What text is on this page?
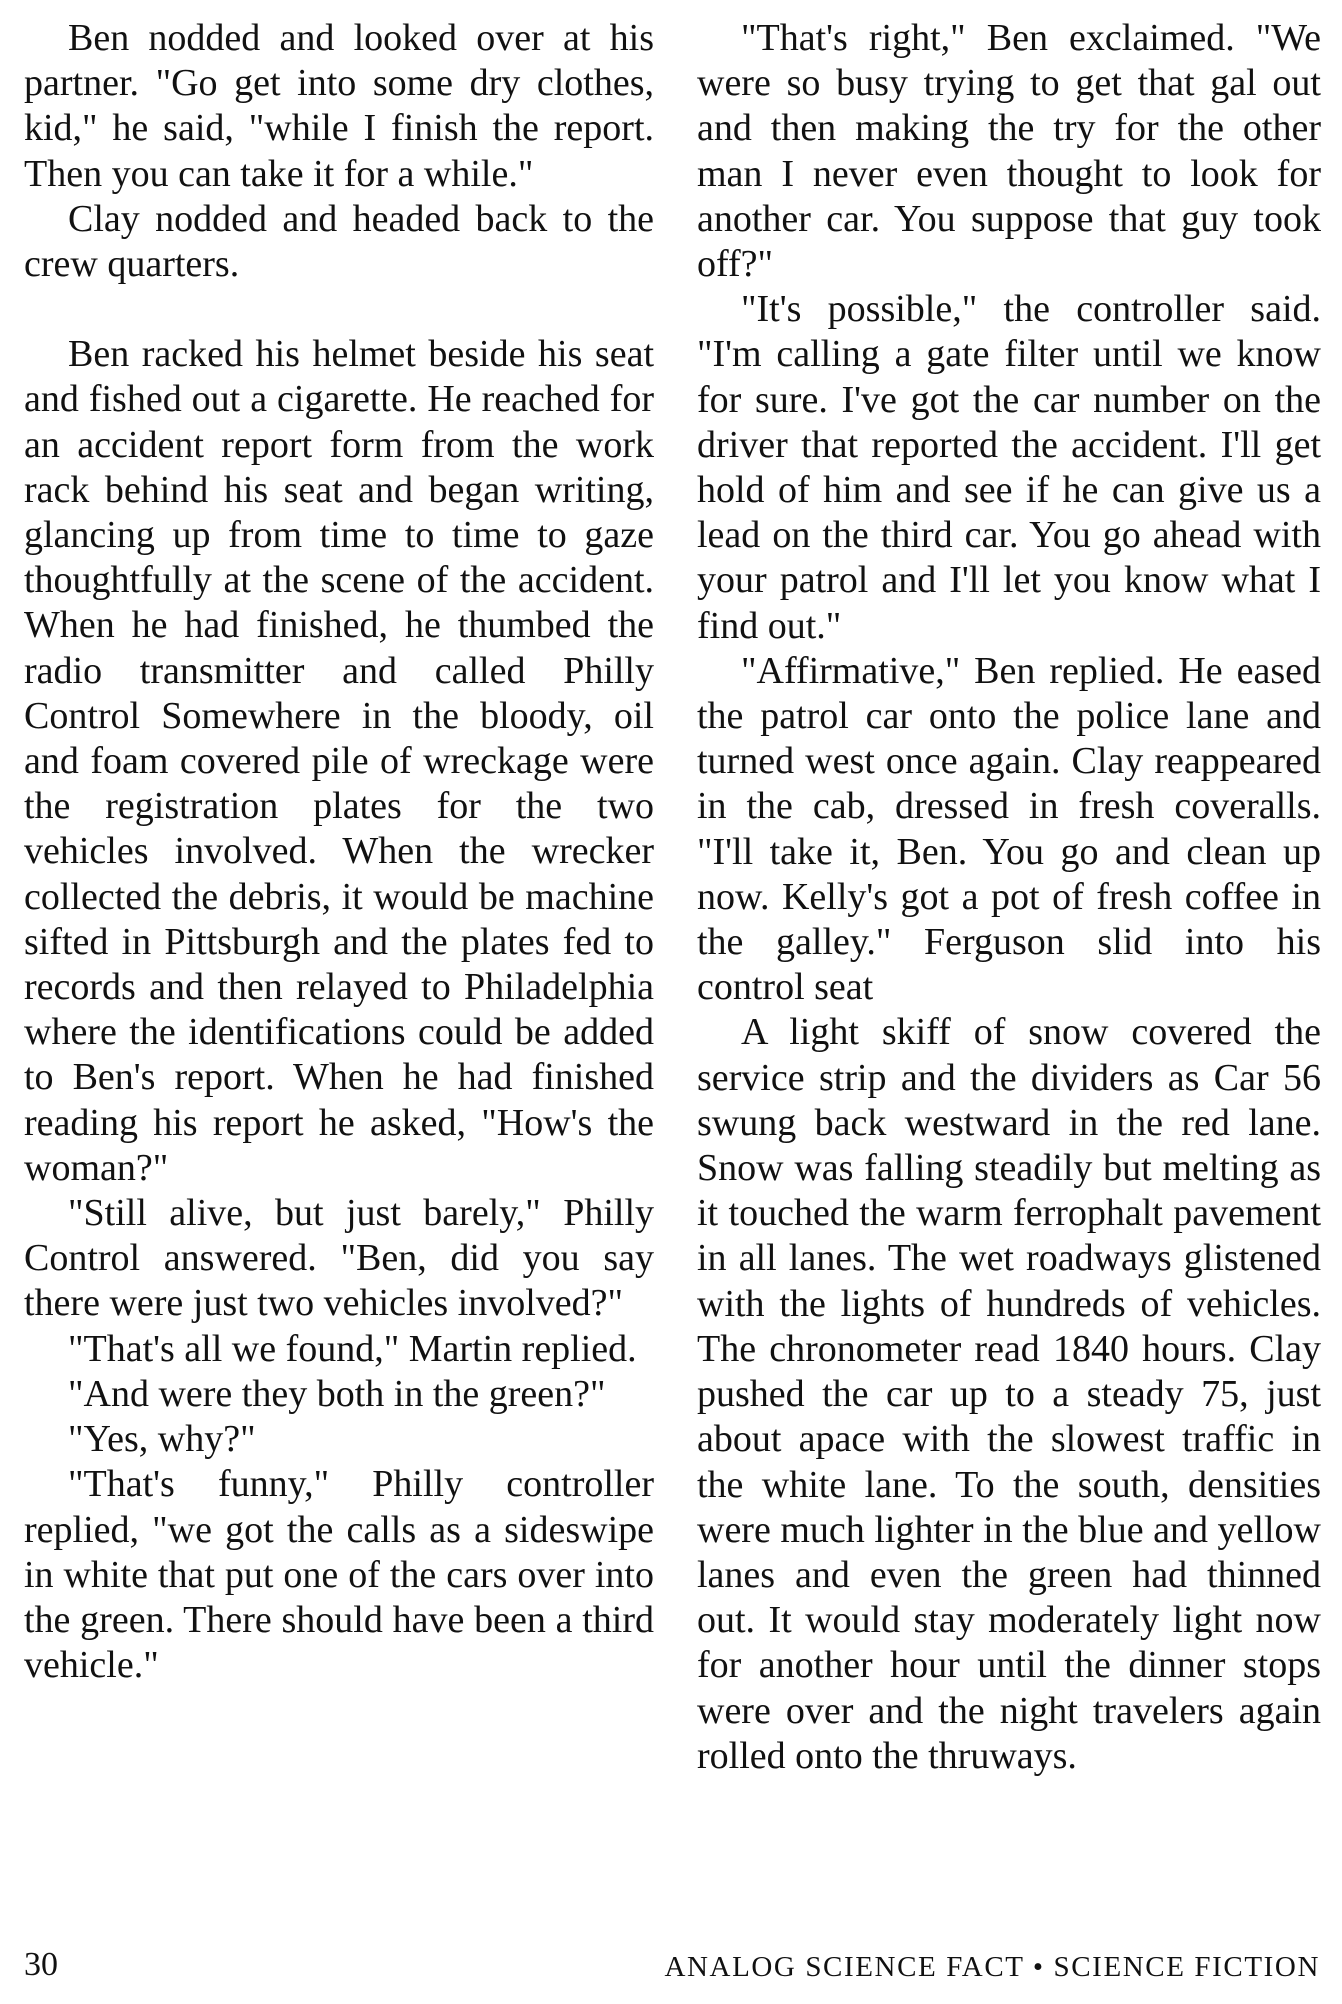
Ben nodded and looked over at his partner. "Go get into some dry clothes, kid," he said, "while I finish the report. Then you can take it for a while."

Clay nodded and headed back to the crew quarters.

Ben racked his helmet beside his seat and fished out a cigarette. He reached for an accident report form from the work rack behind his seat and began writing, glancing up from time to time to gaze thoughtfully at the scene of the accident. When he had finished, he thumbed the radio transmitter and called Philly Control Somewhere in the bloody, oil and foam covered pile of wreckage were the registration plates for the two vehicles involved. When the wrecker collected the debris, it would be machine sifted in Pittsburgh and the plates fed to records and then relayed to Philadelphia where the identifications could be added to Ben's report. When he had finished reading his report he asked, "How's the woman?"

"Still alive, but just barely," Philly Control answered. "Ben, did you say there were just two vehicles involved?"

"That's all we found," Martin replied.

"And were they both in the green?"

"Yes, why?"

"That's funny," Philly controller replied, "we got the calls as a sideswipe in white that put one of the cars over into the green. There should have been a third vehicle."

"That's right," Ben exclaimed. "We were so busy trying to get that gal out and then making the try for the other man I never even thought to look for another car. You suppose that guy took off?"

"It's possible," the controller said. "I'm calling a gate filter until we know for sure. I've got the car number on the driver that reported the accident. I'll get hold of him and see if he can give us a lead on the third car. You go ahead with your patrol and I'll let you know what I find out."

"Affirmative," Ben replied. He eased the patrol car onto the police lane and turned west once again. Clay reappeared in the cab, dressed in fresh coveralls. "I'll take it, Ben. You go and clean up now. Kelly's got a pot of fresh coffee in the galley." Ferguson slid into his control seat

A light skiff of snow covered the service strip and the dividers as Car 56 swung back westward in the red lane. Snow was falling steadily but melting as it touched the warm ferrophalt pavement in all lanes. The wet roadways glistened with the lights of hundreds of vehicles. The chronometer read 1840 hours. Clay pushed the car up to a steady 75, just about apace with the slowest traffic in the white lane. To the south, densities were much lighter in the blue and yellow lanes and even the green had thinned out. It would stay moderately light now for another hour until the dinner stops were over and the night travelers again rolled onto the thruways.

30	ANALOG SCIENCE FACT • SCIENCE FICTION
